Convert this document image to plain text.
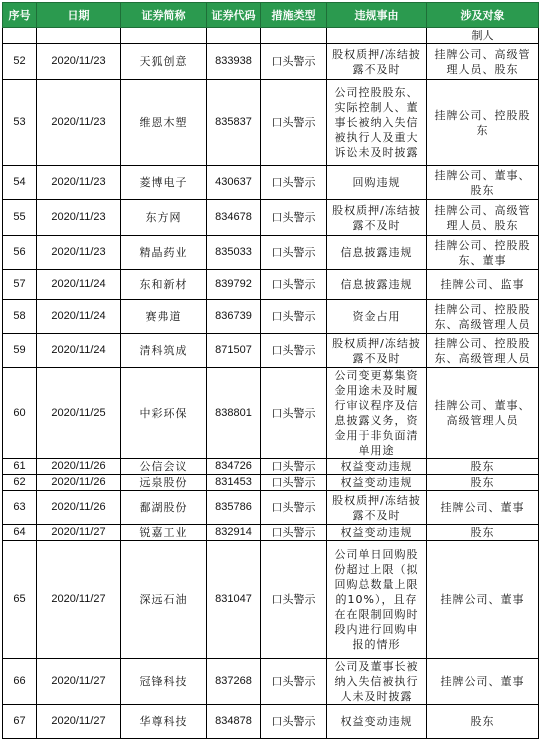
序号	日期	证券简称	证券代码	措施类型	违规事由	涉及对象
						制人
52	2020/11/23	天狐创意	833938	口头警示	股权质押/冻结披露不及时	挂牌公司、高级管理人员、股东
53	2020/11/23	维恩木塑	835837	口头警示	公司控股股东、实际控制人、董事长被纳入失信被执行人及重大诉讼未及时披露	挂牌公司、控股股东
54	2020/11/23	菱博电子	430637	口头警示	回购违规	挂牌公司、董事、股东
55	2020/11/23	东方网	834678	口头警示	股权质押/冻结披露不及时	挂牌公司、高级管理人员、股东
56	2020/11/23	精晶药业	835033	口头警示	信息披露违规	挂牌公司、控股股东、董事
57	2020/11/24	东和新材	839792	口头警示	信息披露违规	挂牌公司、监事
58	2020/11/24	赛弗道	836739	口头警示	资金占用	挂牌公司、控股股东、高级管理人员
59	2020/11/24	清科筑成	871507	口头警示	股权质押/冻结披露不及时	挂牌公司、控股股东、高级管理人员
60	2020/11/25	中彩环保	838801	口头警示	公司变更募集资金用途未及时履行审议程序及信息披露义务，资金用于非负面清单用途	挂牌公司、董事、高级管理人员
61	2020/11/26	公信会议	834726	口头警示	权益变动违规	股东
62	2020/11/26	远泉股份	831453	口头警示	权益变动违规	股东
63	2020/11/26	鄱湖股份	835786	口头警示	股权质押/冻结披露不及时	挂牌公司、董事
64	2020/11/27	锐嘉工业	832914	口头警示	权益变动违规	股东
65	2020/11/27	深远石油	831047	口头警示	公司单日回购股份超过上限（拟回购总数量上限的10%），且存在在限制回购时段内进行回购申报的情形	挂牌公司、董事
66	2020/11/27	冠锋科技	837268	口头警示	公司及董事长被纳入失信被执行人未及时披露	挂牌公司、董事
67	2020/11/27	华尊科技	834878	口头警示	权益变动违规	股东
